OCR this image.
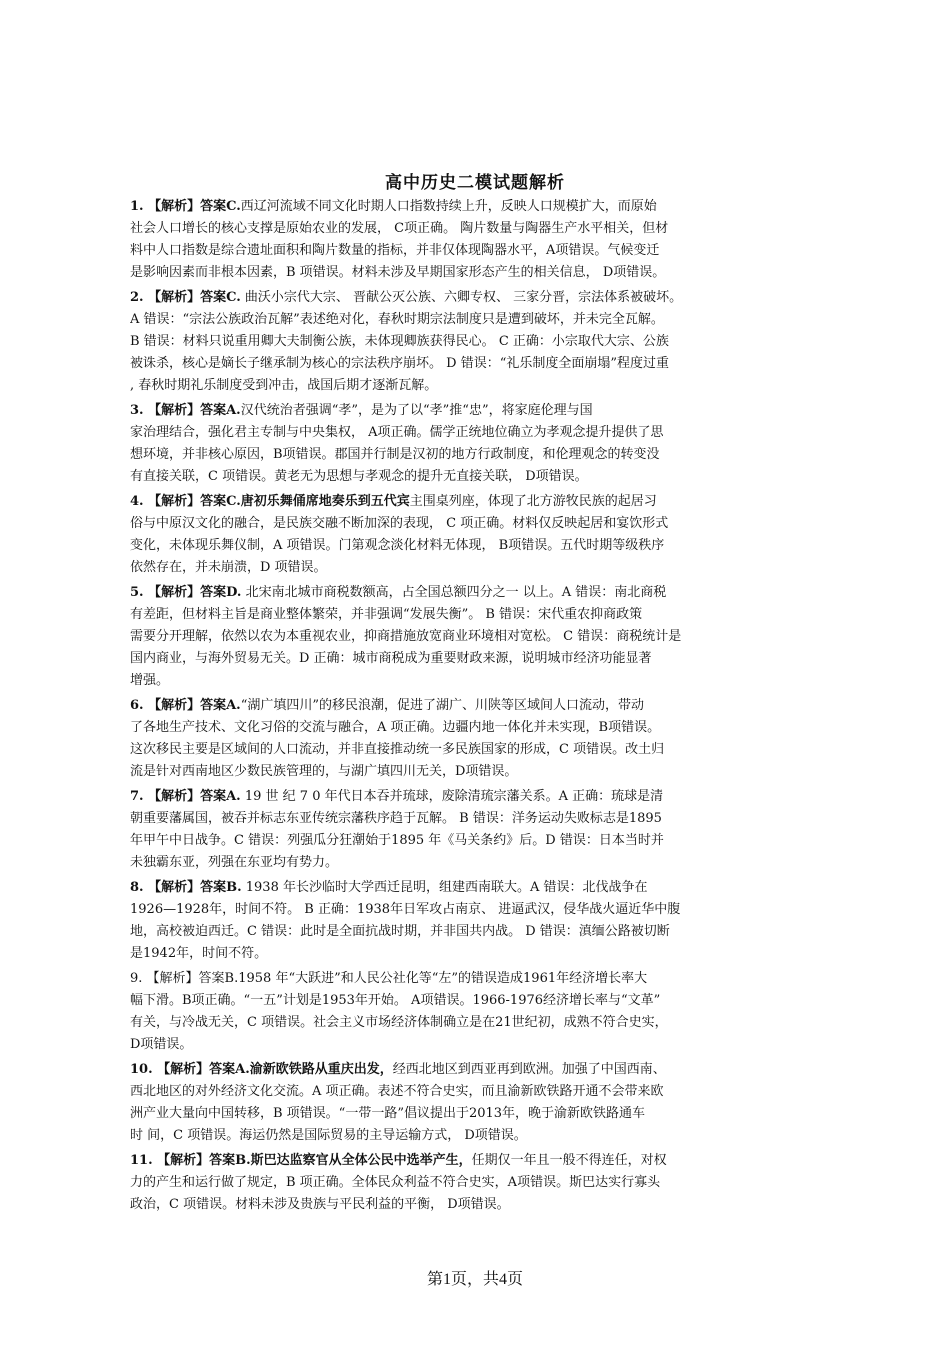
高中历史二模试题解析
1. 【解析】答案C.西辽河流域不同文化时期人口指数持续上升，反映人口规模扩大，而原始
社会人口增长的核心支撑是原始农业的发展， C项正确。 陶片数量与陶器生产水平相关，但材
料中人口指数是综合遗址面积和陶片数量的指标，并非仅体现陶器水平，A项错误。气候变迁
是影响因素而非根本因素，B 项错误。材料未涉及早期国家形态产生的相关信息， D项错误。
2. 【解析】答案C. 曲沃小宗代大宗、 晋献公灭公族、六卿专权、 三家分晋，宗法体系被破坏。
A 错误：“宗法公族政治瓦解”表述绝对化，春秋时期宗法制度只是遭到破坏，并未完全瓦解。
B 错误：材料只说重用卿大夫制衡公族，未体现卿族获得民心。 C 正确：小宗取代大宗、公族
被诛杀，核心是嫡长子继承制为核心的宗法秩序崩坏。 D 错误：“礼乐制度全面崩塌”程度过重
, 春秋时期礼乐制度受到冲击，战国后期才逐渐瓦解。
3. 【解析】答案A.汉代统治者强调“孝”，是为了以“孝”推“忠”，将家庭伦理与国
家治理结合，强化君主专制与中央集权， A项正确。儒学正统地位确立为孝观念提升提供了思
想环境，并非核心原因，B项错误。郡国并行制是汉初的地方行政制度，和伦理观念的转变没
有直接关联，C 项错误。黄老无为思想与孝观念的提升无直接关联， D项错误。
4. 【解析】答案C.唐初乐舞俑席地奏乐到五代宾主围桌列座，体现了北方游牧民族的起居习
俗与中原汉文化的融合，是民族交融不断加深的表现， C 项正确。材料仅反映起居和宴饮形式
变化，未体现乐舞仪制，A 项错误。门第观念淡化材料无体现， B项错误。五代时期等级秩序
依然存在，并未崩溃，D 项错误。
5. 【解析】答案D. 北宋南北城市商税数额高，占全国总额四分之一 以上。A 错误：南北商税
有差距，但材料主旨是商业整体繁荣，并非强调“发展失衡”。 B 错误：宋代重农抑商政策
需要分开理解，依然以农为本重视农业，抑商措施放宽商业环境相对宽松。 C 错误：商税统计是
国内商业，与海外贸易无关。D 正确：城市商税成为重要财政来源，说明城市经济功能显著
增强。
6. 【解析】答案A.“湖广填四川”的移民浪潮，促进了湖广、川陕等区域间人口流动，带动
了各地生产技术、文化习俗的交流与融合，A 项正确。边疆内地一体化并未实现，B项错误。
这次移民主要是区域间的人口流动，并非直接推动统一多民族国家的形成，C 项错误。改土归
流是针对西南地区少数民族管理的，与湖广填四川无关，D项错误。
7. 【解析】答案A. 19 世 纪 7 0 年代日本吞并琉球，废除清琉宗藩关系。A 正确：琉球是清
朝重要藩属国，被吞并标志东亚传统宗藩秩序趋于瓦解。 B 错误：洋务运动失败标志是1895
年甲午中日战争。C 错误：列强瓜分狂潮始于1895 年《马关条约》后。D 错误：日本当时并
未独霸东亚，列强在东亚均有势力。
8. 【解析】答案B. 1938 年长沙临时大学西迁昆明，组建西南联大。A 错误：北伐战争在
1926—1928年，时间不符。 B 正确：1938年日军攻占南京、 进逼武汉，侵华战火逼近华中腹
地，高校被迫西迁。C 错误：此时是全面抗战时期，并非国共内战。 D 错误：滇缅公路被切断
是1942年，时间不符。
9. 【解析】答案B.1958 年“大跃进”和人民公社化等“左”的错误造成1961年经济增长率大
幅下滑。B项正确。“一五”计划是1953年开始。 A项错误。1966-1976经济增长率与“文革”
有关，与冷战无关，C 项错误。社会主义市场经济体制确立是在21世纪初，成熟不符合史实，
D项错误。
10. 【解析】答案A.渝新欧铁路从重庆出发，经西北地区到西亚再到欧洲。加强了中国西南、
西北地区的对外经济文化交流。A 项正确。表述不符合史实，而且渝新欧铁路开通不会带来欧
洲产业大量向中国转移，B 项错误。“一带一路”倡议提出于2013年，晚于渝新欧铁路通车
时 间，C 项错误。海运仍然是国际贸易的主导运输方式， D项错误。
11. 【解析】答案B.斯巴达监察官从全体公民中选举产生，任期仅一年且一般不得连任，对权
力的产生和运行做了规定，B 项正确。全体民众利益不符合史实，A项错误。斯巴达实行寡头
政治，C 项错误。材料未涉及贵族与平民利益的平衡， D项错误。
第1页，共4页
